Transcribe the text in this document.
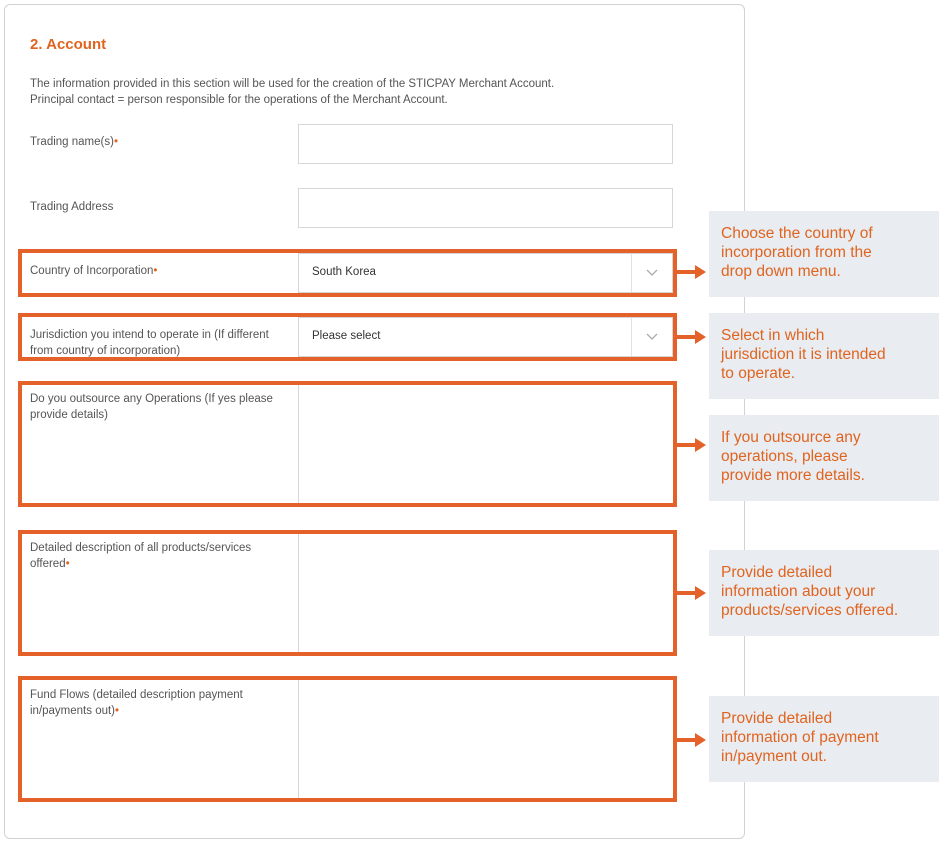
2. Account
The information provided in this section will be used for the creation of the STICPAY Merchant Account.
Principal contact = person responsible for the operations of the Merchant Account.
Trading name(s)•
Trading Address
Country of Incorporation•	South Korea
Jurisdiction you intend to operate in (If different
from country of incorporation)
Please select
Do you outsource any Operations (If yes please
provide details)
Detailed description of all products/services
offered•
Fund Flows (detailed description payment
in/payments out)•
Choose the country of
incorporation from the
drop down menu.
Select in which
jurisdiction it is intended
to operate.
If you outsource any
operations, please
provide more details.
Provide detailed
information about your
products/services offered.
Provide detailed
information of payment
in/payment out.
